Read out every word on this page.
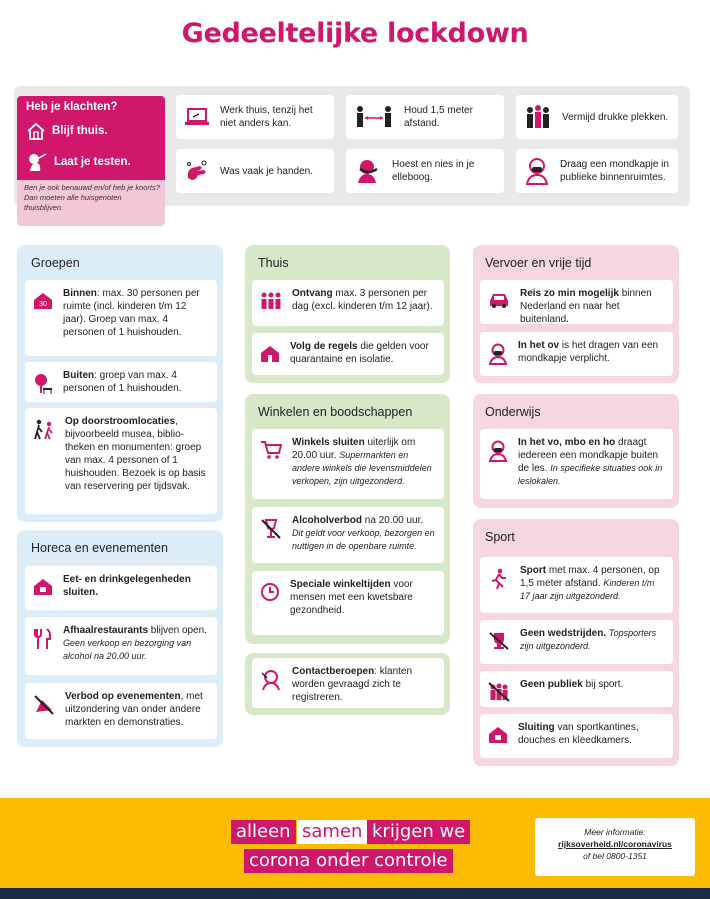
Gedeeltelijke lockdown
Heb je klachten?
Blijf thuis.
Laat je testen.
Ben je ook benauwd en/of heb je koorts? Dan moeten alle huisgenoten thuisblijven.
Werk thuis, tenzij het niet anders kan.
Houd 1,5 meter afstand.
Vermijd drukke plekken.
Was vaak je handen.
Hoest en nies in je elleboog.
Draag een mondkapje in publieke binnenruimtes.
Groepen
30
Binnen: max. 30 personen per ruimte (incl. kinderen t/m 12 jaar). Groep van max. 4 personen of 1 huishouden.
Buiten: groep van max. 4 personen of 1 huishouden.
Op doorstroomlocaties, bijvoorbeeld musea, biblio-theken en monumenten: groep van max. 4 personen of 1 huishouden. Bezoek is op basis van reservering per tijdsvak.
Horeca en evenementen
Eet- en drinkgelegenheden sluiten.
Afhaalrestaurants blijven open.
Geen verkoop en bezorging van alcohol na 20.00 uur.
Verbod op evenementen, met uitzondering van onder andere markten en demonstraties.
Thuis
Ontvang max. 3 personen per dag (excl. kinderen t/m 12 jaar).
Volg de regels die gelden voor quarantaine en isolatie.
Winkelen en boodschappen
Winkels sluiten uiterlijk om 20.00 uur. Supermarkten en andere winkels die levensmiddelen verkopen, zijn uitgezonderd.
Alcoholverbod na 20.00 uur.
Dit geldt voor verkoop, bezorgen en nuttigen in de openbare ruimte.
Speciale winkeltijden voor mensen met een kwetsbare gezondheid.
Contactberoepen: klanten worden gevraagd zich te registreren.
Vervoer en vrije tijd
Reis zo min mogelijk binnen Nederland en naar het buitenland.
In het ov is het dragen van een mondkapje verplicht.
Onderwijs
In het vo, mbo en ho draagt iedereen een mondkapje buiten de les. In specifieke situaties ook in leslokalen.
Sport
Sport met max. 4 personen, op 1,5 meter afstand. Kinderen t/m 17 jaar zijn uitgezonderd.
Geen wedstrijden. Topsporters zijn uitgezonderd.
Geen publiek bij sport.
Sluiting van sportkantines, douches en kleedkamers.
alleen samen krijgen we
corona onder controle
Meer informatie:
rijksoverheid.nl/coronavirus
of bel 0800-1351
